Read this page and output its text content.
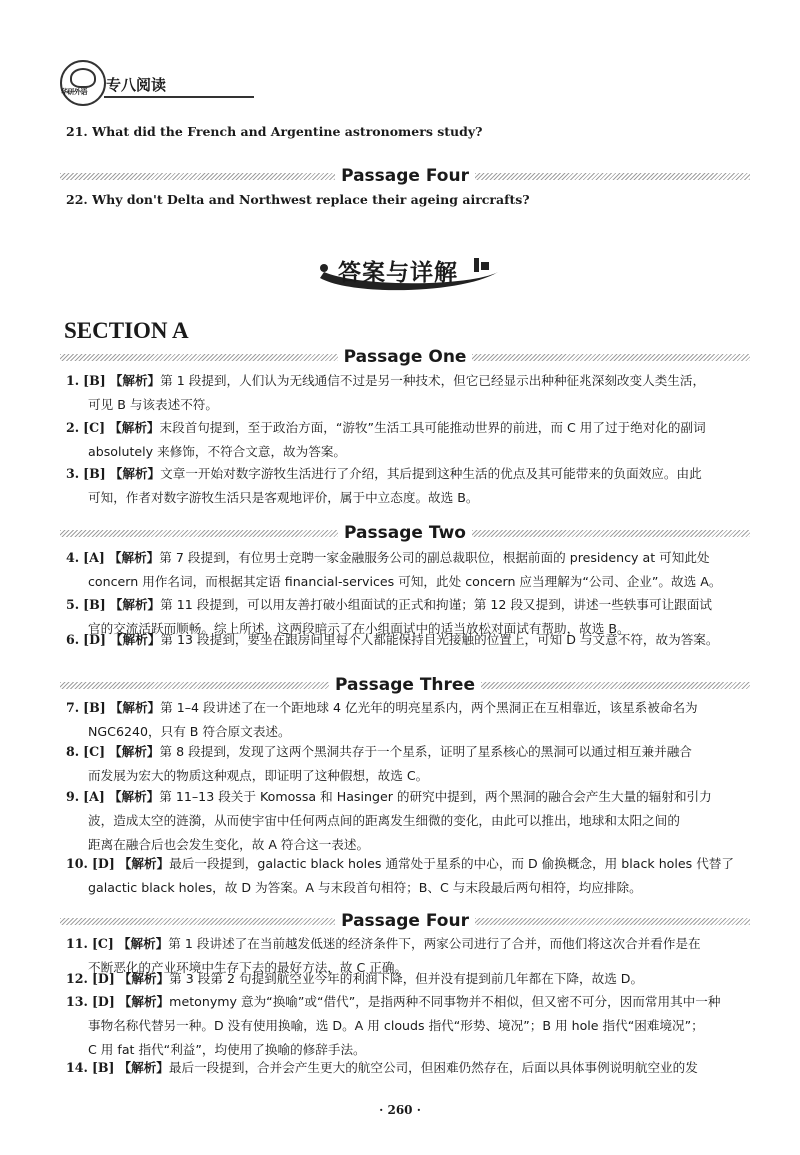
华研外语 专八阅读
21. What did the French and Argentine astronomers study?
Passage Four
22. Why don't Delta and Northwest replace their ageing aircrafts?
答案与详解
SECTION A
Passage One
1. [B] 【解析】第 1 段提到，人们认为无线通信不过是另一种技术，但它已经显示出种种征兆深刻改变人类生活，
可见 B 与该表述不符。
2. [C] 【解析】末段首句提到，至于政治方面，“游牧”生活工具可能推动世界的前进，而 C 用了过于绝对化的副词
absolutely 来修饰，不符合文意，故为答案。
3. [B] 【解析】文章一开始对数字游牧生活进行了介绍，其后提到这种生活的优点及其可能带来的负面效应。由此
可知，作者对数字游牧生活只是客观地评价，属于中立态度。故选 B。
Passage Two
4. [A] 【解析】第 7 段提到，有位男士竞聘一家金融服务公司的副总裁职位，根据前面的 presidency at 可知此处
concern 用作名词，而根据其定语 financial-services 可知，此处 concern 应当理解为“公司、企业”。故选 A。
5. [B] 【解析】第 11 段提到，可以用友善打破小组面试的正式和拘谨；第 12 段又提到，讲述一些轶事可让跟面试
官的交流活跃而顺畅。综上所述，这两段暗示了在小组面试中的适当放松对面试有帮助，故选 B。
6. [D] 【解析】第 13 段提到，要坐在跟房间里每个人都能保持目光接触的位置上，可知 D 与文意不符，故为答案。
Passage Three
7. [B] 【解析】第 1–4 段讲述了在一个距地球 4 亿光年的明亮星系内，两个黑洞正在互相靠近，该星系被命名为
NGC6240，只有 B 符合原文表述。
8. [C] 【解析】第 8 段提到，发现了这两个黑洞共存于一个星系，证明了星系核心的黑洞可以通过相互兼并融合
而发展为宏大的物质这种观点，即证明了这种假想，故选 C。
9. [A] 【解析】第 11–13 段关于 Komossa 和 Hasinger 的研究中提到，两个黑洞的融合会产生大量的辐射和引力
波，造成太空的涟漪，从而使宇宙中任何两点间的距离发生细微的变化，由此可以推出，地球和太阳之间的
距离在融合后也会发生变化，故 A 符合这一表述。
10. [D] 【解析】最后一段提到，galactic black holes 通常处于星系的中心，而 D 偷换概念，用 black holes 代替了
galactic black holes，故 D 为答案。A 与末段首句相符；B、C 与末段最后两句相符，均应排除。
Passage Four
11. [C] 【解析】第 1 段讲述了在当前越发低迷的经济条件下，两家公司进行了合并，而他们将这次合并看作是在
不断恶化的产业环境中生存下去的最好方法，故 C 正确。
12. [D] 【解析】第 3 段第 2 句提到航空业今年的利润下降，但并没有提到前几年都在下降，故选 D。
13. [D] 【解析】metonymy 意为“换喻”或“借代”，是指两种不同事物并不相似，但又密不可分，因而常用其中一种
事物名称代替另一种。D 没有使用换喻，选 D。A 用 clouds 指代“形势、境况”；B 用 hole 指代“困难境况”；
C 用 fat 指代“利益”，均使用了换喻的修辞手法。
14. [B] 【解析】最后一段提到，合并会产生更大的航空公司，但困难仍然存在，后面以具体事例说明航空业的发
· 260 ·
